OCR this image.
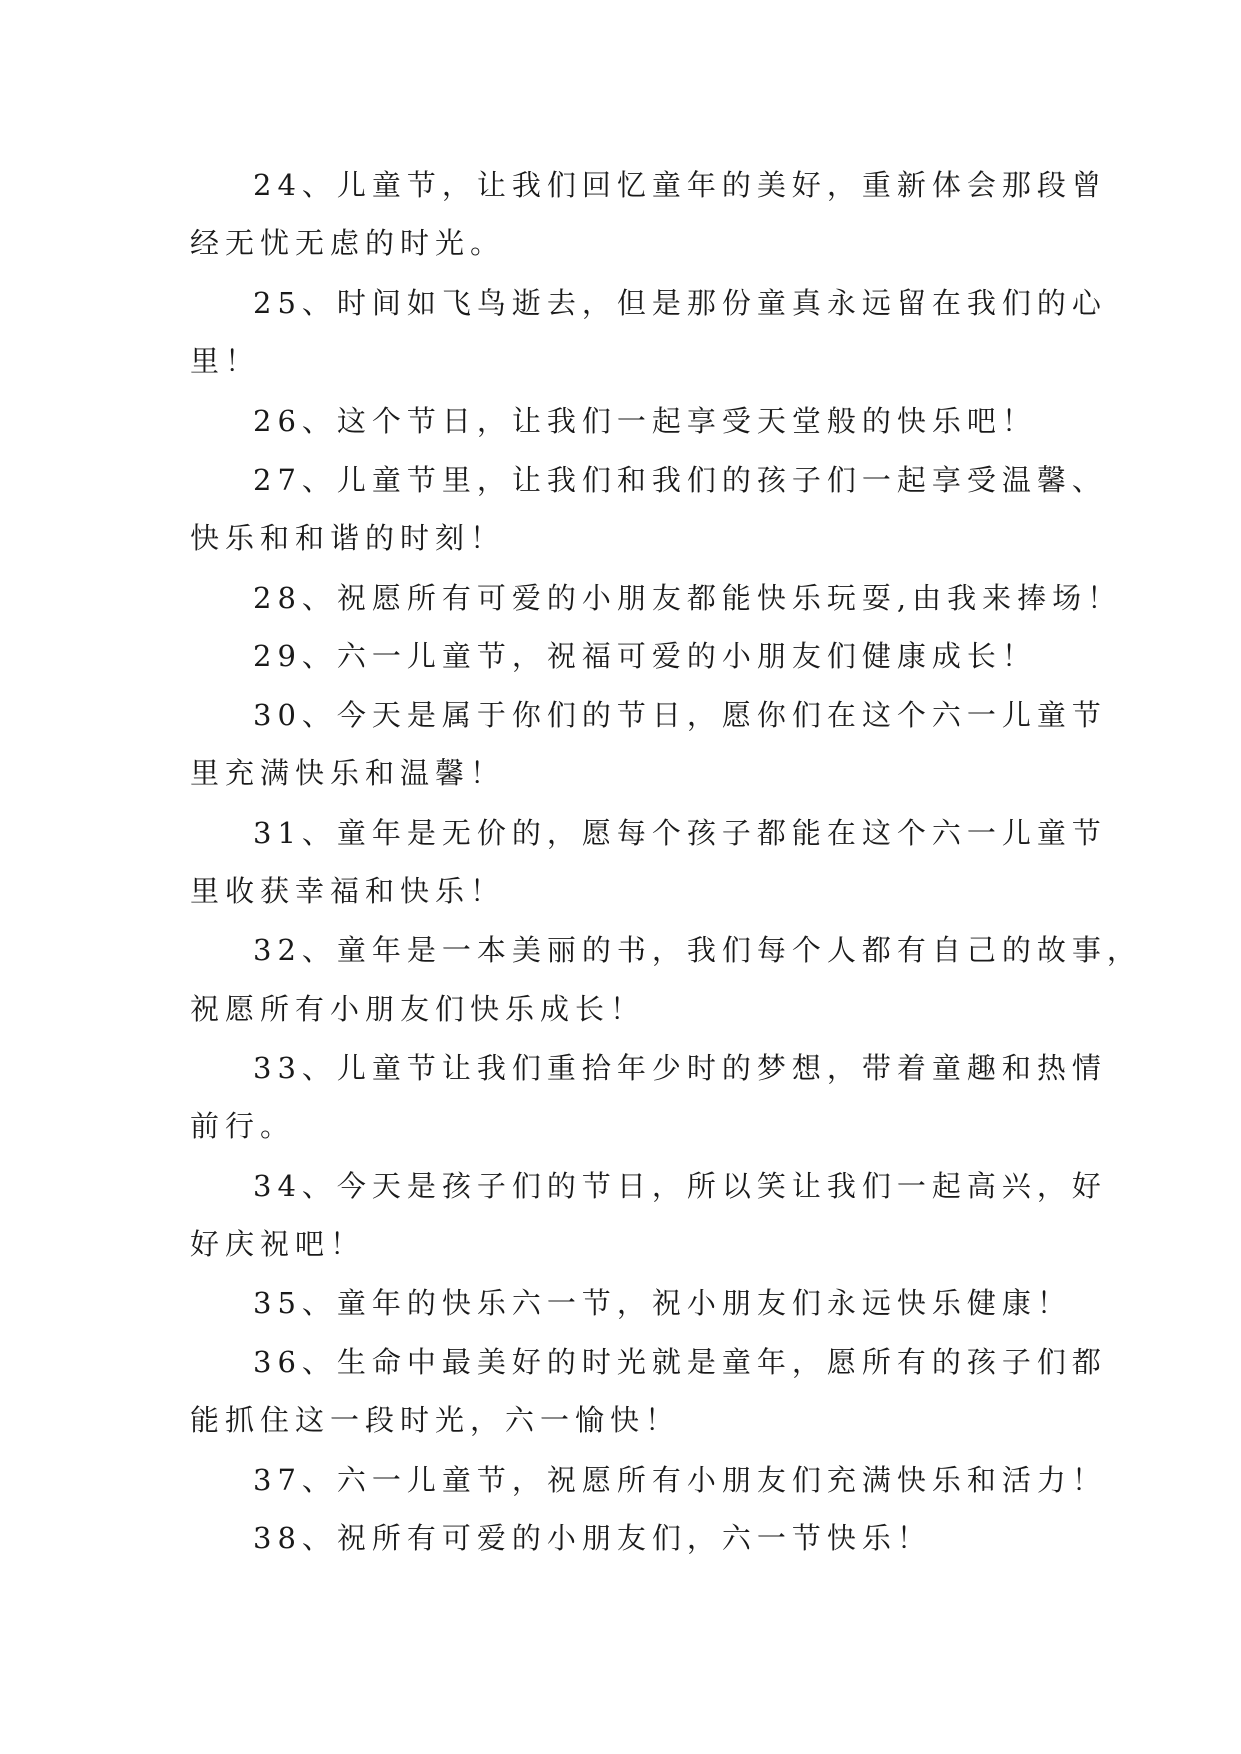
24、儿童节，让我们回忆童年的美好，重新体会那段曾
经无忧无虑的时光。
25、时间如飞鸟逝去，但是那份童真永远留在我们的心
里！
26、这个节日，让我们一起享受天堂般的快乐吧！
27、儿童节里，让我们和我们的孩子们一起享受温馨、
快乐和和谐的时刻！
28、祝愿所有可爱的小朋友都能快乐玩耍,由我来捧场！
29、六一儿童节，祝福可爱的小朋友们健康成长！
30、今天是属于你们的节日，愿你们在这个六一儿童节
里充满快乐和温馨！
31、童年是无价的，愿每个孩子都能在这个六一儿童节
里收获幸福和快乐！
32、童年是一本美丽的书，我们每个人都有自己的故事，
祝愿所有小朋友们快乐成长！
33、儿童节让我们重拾年少时的梦想，带着童趣和热情
前行。
34、今天是孩子们的节日，所以笑让我们一起高兴，好
好庆祝吧！
35、童年的快乐六一节，祝小朋友们永远快乐健康！
36、生命中最美好的时光就是童年，愿所有的孩子们都
能抓住这一段时光，六一愉快！
37、六一儿童节，祝愿所有小朋友们充满快乐和活力！
38、祝所有可爱的小朋友们，六一节快乐！
